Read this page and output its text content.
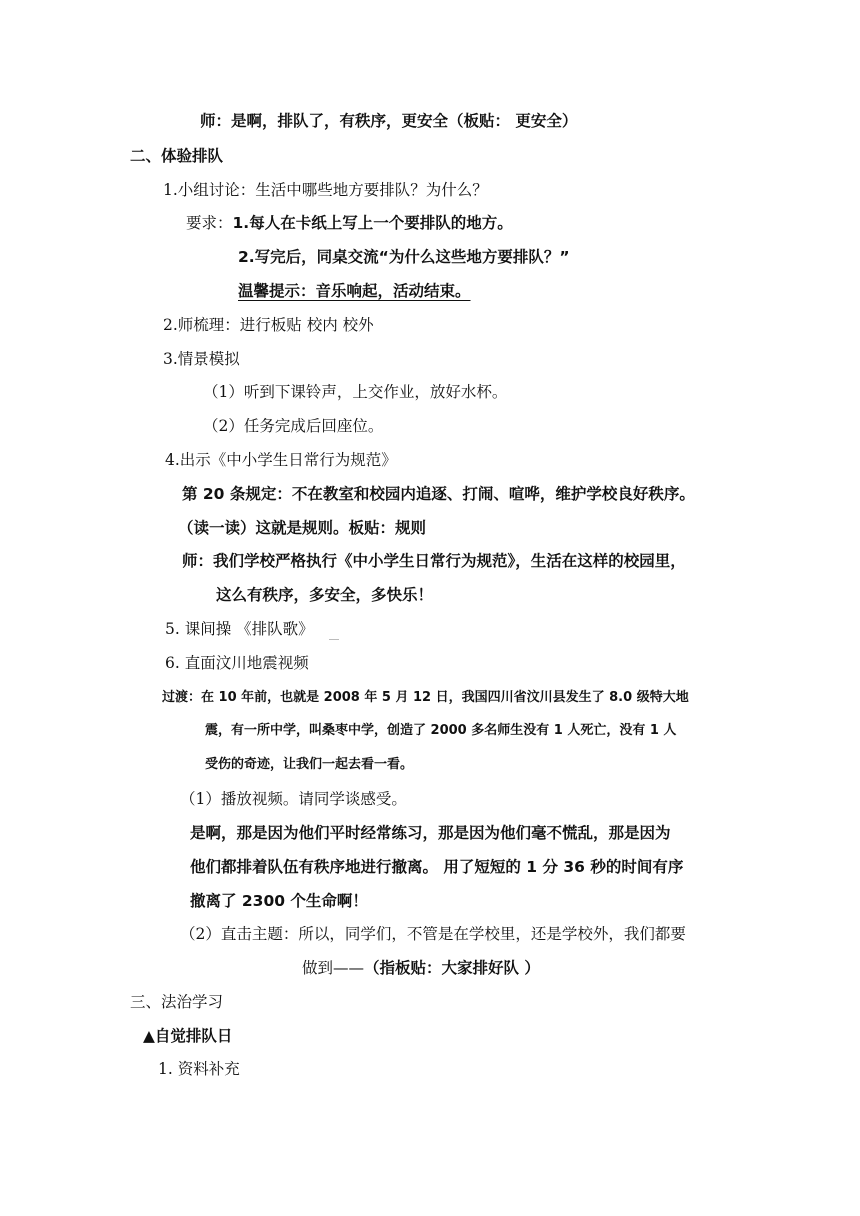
师：是啊，排队了，有秩序，更安全（板贴： 更安全）
二、体验排队
1.小组讨论：生活中哪些地方要排队？为什么？
要求：1.每人在卡纸上写上一个要排队的地方。
2.写完后，同桌交流“为什么这些地方要排队？”
温馨提示：音乐响起，活动结束。
2.师梳理：进行板贴 校内 校外
3.情景模拟
（1）听到下课铃声，上交作业，放好水杯。
（2）任务完成后回座位。
4.出示《中小学生日常行为规范》
第 20 条规定：不在教室和校园内追逐、打闹、喧哗，维护学校良好秩序。
（读一读）这就是规则。板贴：规则
师：我们学校严格执行《中小学生日常行为规范》，生活在这样的校园里，
这么有秩序，多安全，多快乐！
5. 课间操 《排队歌》
6. 直面汶川地震视频
过渡：在 10 年前，也就是 2008 年 5 月 12 日，我国四川省汶川县发生了 8.0 级特大地
震，有一所中学，叫桑枣中学，创造了 2000 多名师生没有 1 人死亡，没有 1 人
受伤的奇迹，让我们一起去看一看。
（1）播放视频。请同学谈感受。
是啊，那是因为他们平时经常练习，那是因为他们毫不慌乱，那是因为
他们都排着队伍有秩序地进行撤离。 用了短短的 1 分 36 秒的时间有序
撤离了 2300 个生命啊！
（2）直击主题：所以，同学们，不管是在学校里，还是学校外，我们都要
做到——（指板贴：大家排好队 ）
三、法治学习
▲自觉排队日
1. 资料补充
